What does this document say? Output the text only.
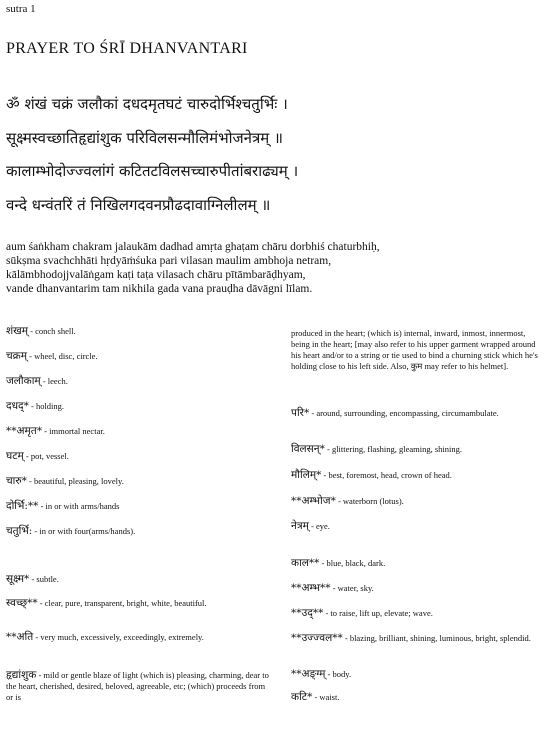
sutra 1
PRAYER TO ŚRĪ DHANVANTARI
ॐ शंखं चक्रं जलौकां दधदमृतघटं चारुदोर्भिश्चतुर्भिः ।
सूक्ष्मस्वच्छातिहृद्यांशुक परिविलसन्मौलिमंभोजनेत्रम् ॥
कालाम्भोदोज्ज्वलांगं कटितटविलसच्चारुपीतांबराढ्यम् ।
वन्दे धन्वंतरिं तं निखिलगदवनप्रौढदावाग्निलीलम् ॥
aum śaṅkham chakram jalaukām dadhad amṛta ghaṭam chāru dorbhiś chaturbhiḥ,
sūkṣma svachchhāti hṛdyāṁśuka pari vilasan maulim ambhoja netram,
kālāmbhodojjvalāṅgam kaṭi taṭa vilasach chāru pītāmbarāḍhyam,
vande dhanvantarim tam nikhila gada vana prauḍha dāvāgni līlam.
शंखम् - conch shell.
चक्रम् - wheel, disc, circle.
जलौकाम् - leech.
दधद्* - holding.
**अमृत* - immortal nectar.
घटम् - pot, vessel.
चारु* - beautiful, pleasing, lovely.
दोर्भि:** - in or with arms/hands
चतुर्भि: - in or with four(arms/hands).
सूक्ष्म* - subtle.
स्वच्छ्** - clear, pure, transparent, bright, white, beautiful.
**अति - very much, excessively, exceedingly, extremely.
हृद्यांशुक - mild or gentle blaze of light (which is) pleasing, charming, dear to the heart, cherished, desired, beloved, agreeable, etc; (which) proceeds from or is
produced in the heart; (which is) internal, inward, inmost, innermost, being in the heart; [may also refer to his upper garment wrapped around his heart and/or to a string or tie used to bind a churning stick which he's holding close to his left side. Also, कुम may refer to his helmet].
परि* - around, surrounding, encompassing, circumambulate.
विलसन्* - glittering, flashing, gleaming, shining.
मौलिम्* - best, foremost, head, crown of head.
**अम्भोज* - waterborn (lotus).
नेत्रम् - eye.
काल** - blue, black, dark.
**अम्भ** - water, sky.
**उद्** - to raise, lift up, elevate; wave.
**उज्ज्वल** - blazing, brilliant, shining, luminous, bright, splendid.
**अङ्ग्म् - body.
कटि* - waist.
